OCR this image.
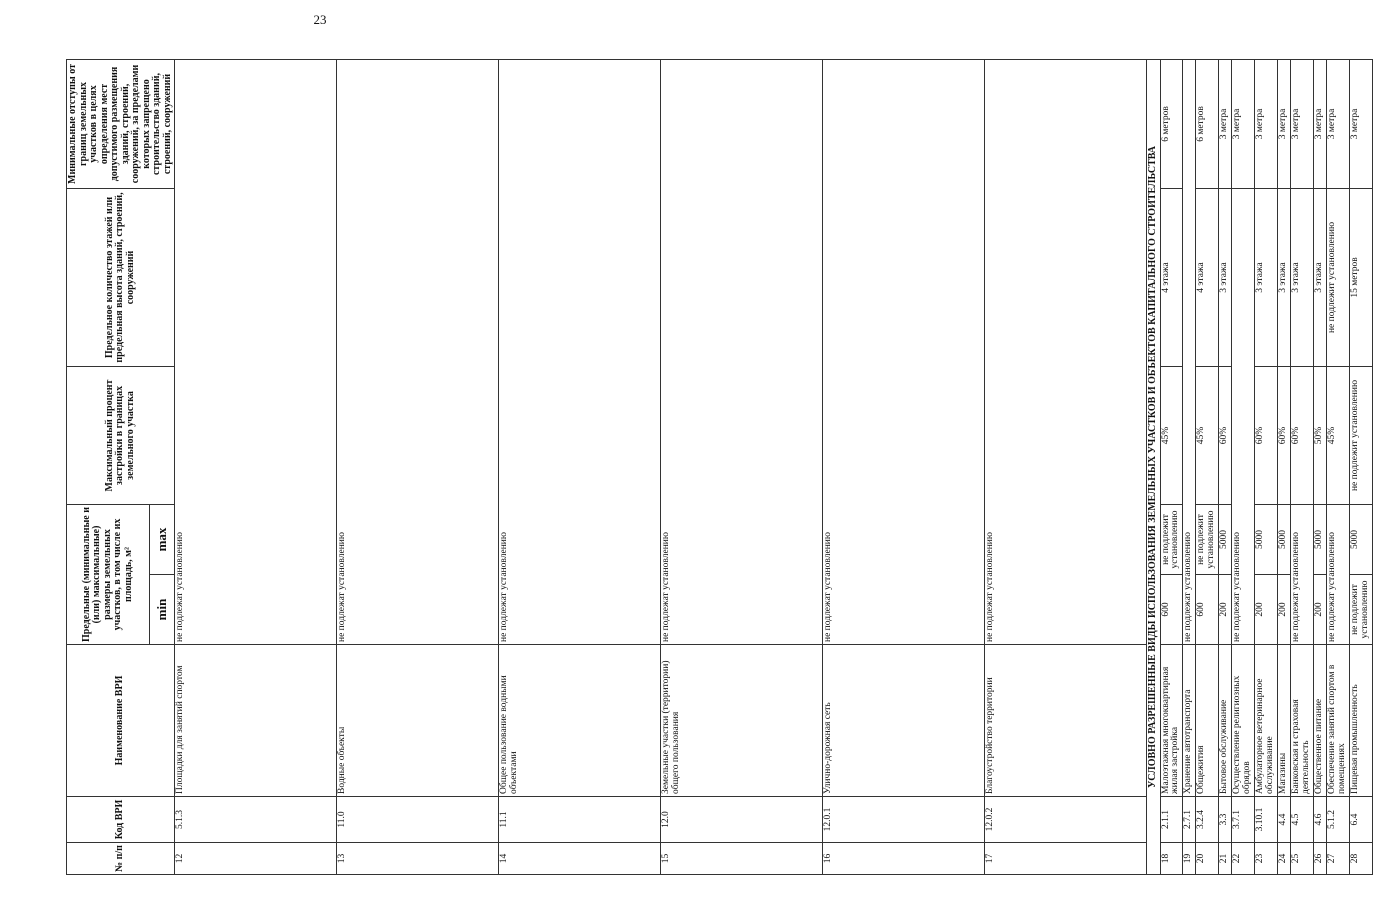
23
№ п/п	Код ВРИ	Наименование ВРИ	Предельные (минимальные и (или) максимальные) размеры земельных участков, в том числе их площадь, м²		Максимальный процент застройки в границах земельного участка	Предельное количество этажей или предельная высота зданий, строений, сооружений	Минимальные отступы от границ земельных участков в целях определения мест допустимого размещения зданий, строений, сооружений, за пределами которых запрещено строительство зданий, строений, сооружений
			min	max			
12	5.1.3	Площадки для занятий спортом	не подлежат установлению				
13	11.0	Водные объекты	не подлежат установлению				
14	11.1	Общее пользование водными объектами	не подлежат установлению				
15	12.0	Земельные участки (территории) общего пользования	не подлежат установлению				
16	12.0.1	Улично-дорожная сеть	не подлежат установлению				
17	12.0.2	Благоустройство территории	не подлежат установлению				
УСЛОВНО РАЗРЕШЕННЫЕ ВИДЫ ИСПОЛЬЗОВАНИЯ ЗЕМЕЛЬНЫХ УЧАСТКОВ И ОБЪЕКТОВ КАПИТАЛЬНОГО СТРОИТЕЛЬСТВА							
18	2.1.1	Малоэтажная многоквартирная жилая застройка	600	не подлежит установлению	45%	4 этажа	6 метров
19	2.7.1	Хранение автотранспорта	не подлежат установлению				
20	3.2.4	Общежития	600	не подлежит установлению	45%	4 этажа	6 метров
21	3.3	Бытовое обслуживание	200	5000	60%	3 этажа	3 метра
22	3.7.1	Осуществление религиозных обрядов	не подлежат установлению				3 метра
23	3.10.1	Амбулаторное ветеринарное обслуживание	200	5000	60%	3 этажа	3 метра
24	4.4	Магазины	200	5000	60%	3 этажа	3 метра
25	4.5	Банковская и страховая деятельность	не подлежат установлению		60%	3 этажа	3 метра
26	4.6	Общественное питание	200	5000	50%	3 этажа	3 метра
27	5.1.2	Обеспечение занятий спортом в помещениях	не подлежат установлению		45%	не подлежит установлению	3 метра
28	6.4	Пищевая промышленность	не подлежит установлению	5000	не подлежит установлению	15 метров	3 метра
